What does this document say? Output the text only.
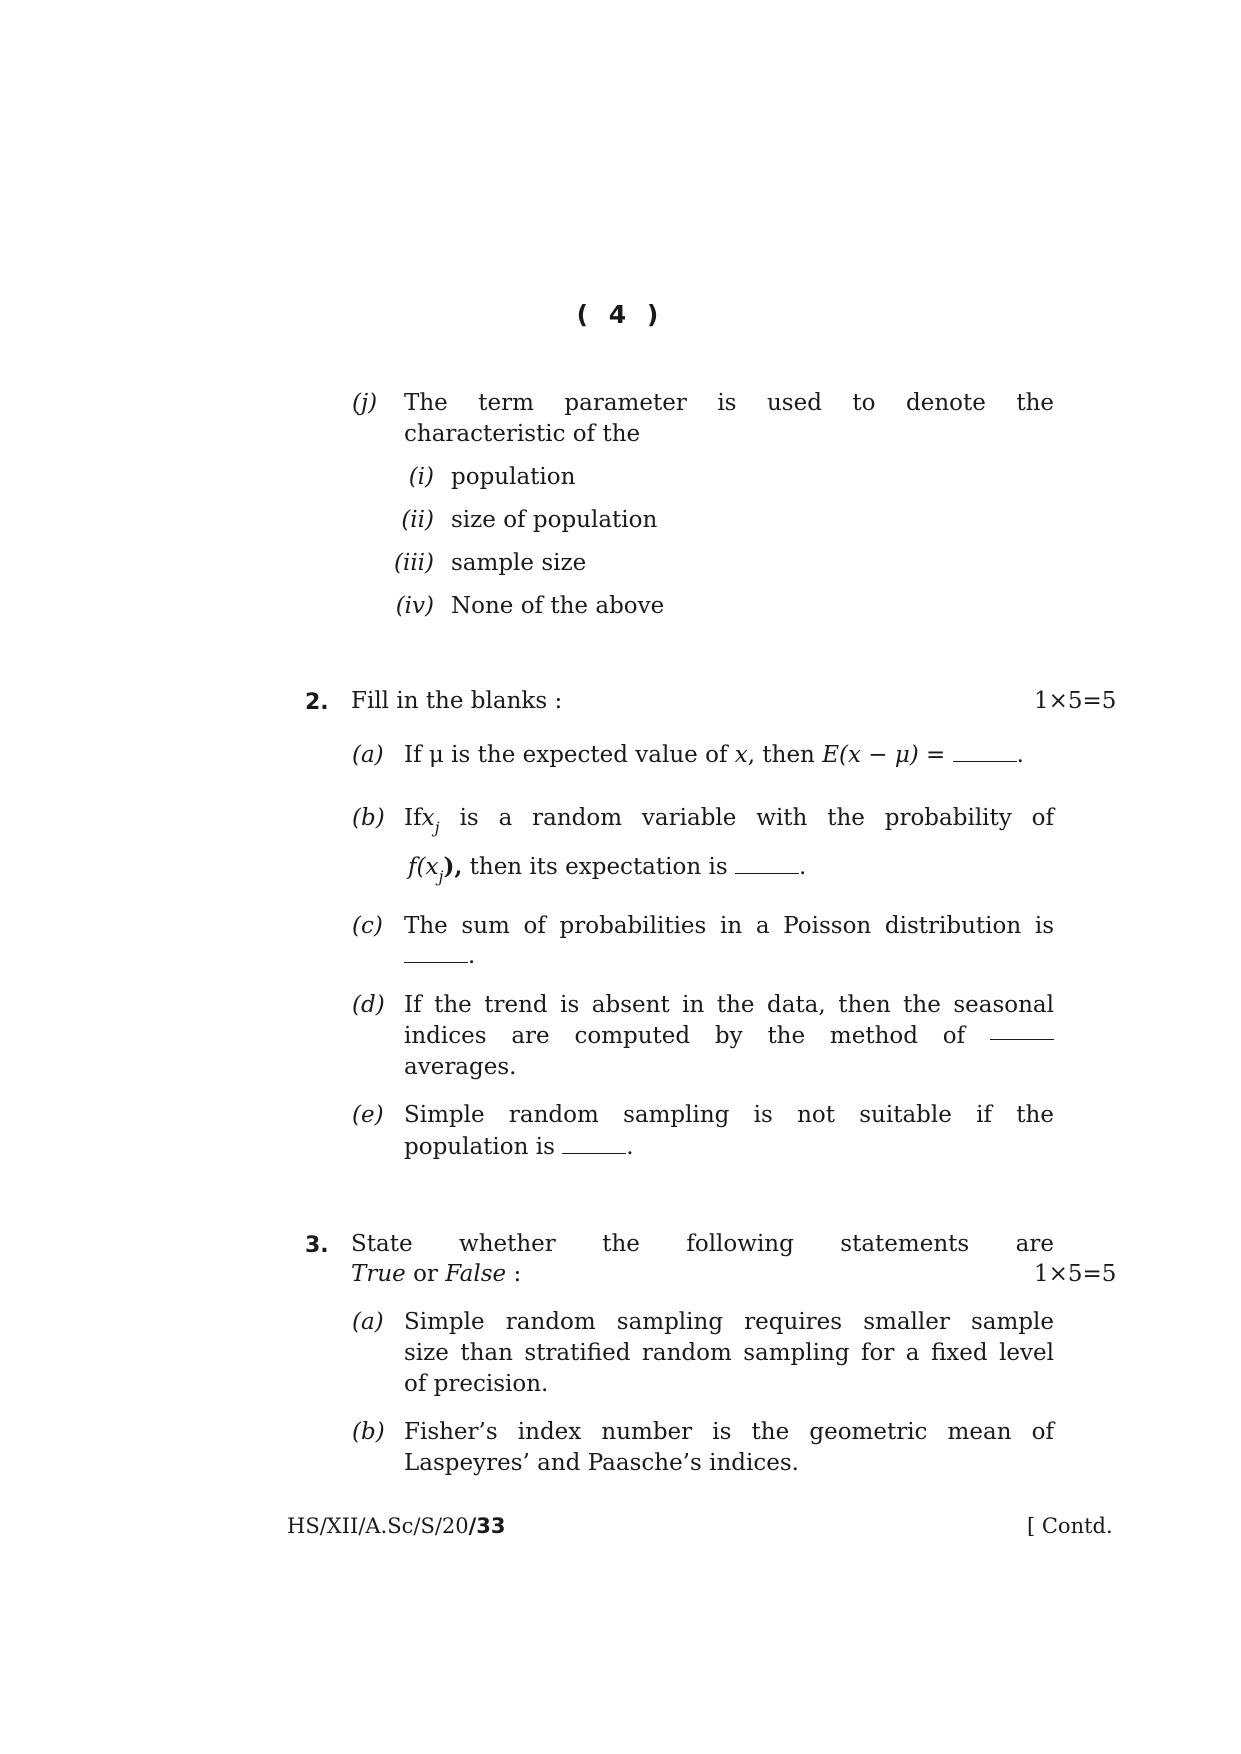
( 4 )
(j) The term parameter is used to denote the
characteristic of the
(i) population
(ii) size of population
(iii) sample size
(iv) None of the above
2. Fill in the blanks :	1×5=5
(a) If μ is the expected value of x, then E(x − μ) =	.
(b) If $x_j$ is a random variable with the probability of
$f(x_j)$, then its expectation is	.
(c) The sum of probabilities in a Poisson distribution is
.
(d) If the trend is absent in the data, then the seasonal
indices are computed by the method of
averages.
(e) Simple random sampling is not suitable if the
population is	.
3. State whether the following statements are
True or False :	1×5=5
(a) Simple random sampling requires smaller sample
size than stratified random sampling for a fixed level
of precision.
(b) Fisher’s index number is the geometric mean of
Laspeyres’ and Paasche’s indices.
HS/XII/A.Sc/S/20/33	[ Contd.
